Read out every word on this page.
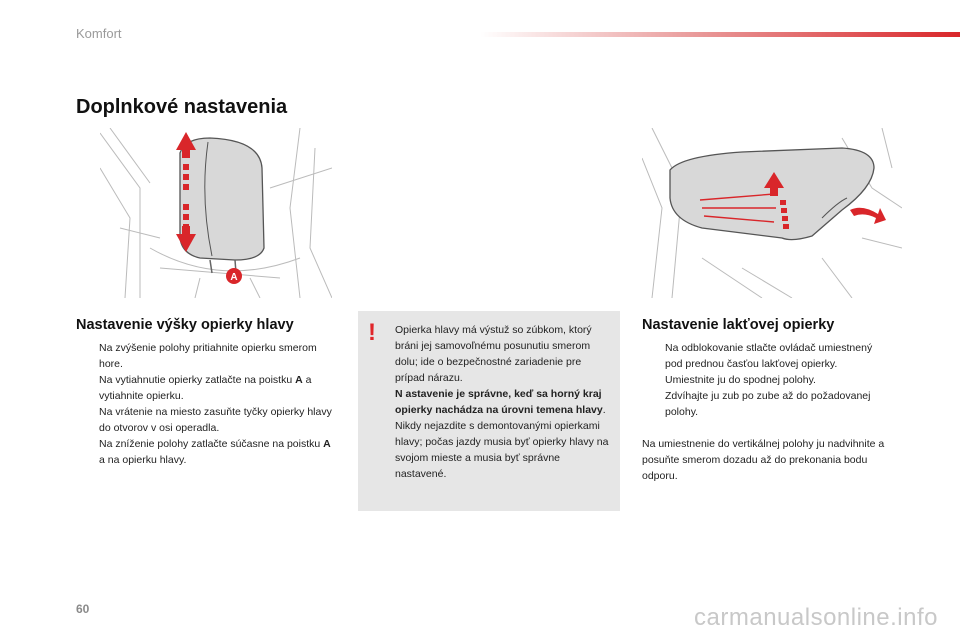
Komfort
Doplnkové nastavenia
A
Nastavenie výšky opierky hlavy
Na zvýšenie polohy pritiahnite opierku smerom hore.
Na vytiahnutie opierky zatlačte na poistku A a vytiahnite opierku.
Na vrátenie na miesto zasuňte tyčky opierky hlavy do otvorov v osi operadla.
Na zníženie polohy zatlačte súčasne na poistku A a na opierku hlavy.
! Opierka hlavy má výstuž so zúbkom, ktorý bráni jej samovoľnému posunutiu smerom dolu; ide o bezpečnostné zariadenie pre prípad nárazu.
N astavenie je správne, keď sa horný kraj opierky nachádza na úrovni temena hlavy.
Nikdy nejazdite s demontovanými opierkami hlavy; počas jazdy musia byť opierky hlavy na svojom mieste a musia byť správne nastavené.
Nastavenie lakťovej opierky
Na odblokovanie stlačte ovládač umiestnený pod prednou časťou lakťovej opierky.
Umiestnite ju do spodnej polohy.
Zdvíhajte ju zub po zube až do požadovanej polohy.
Na umiestnenie do vertikálnej polohy ju nadvihnite a posuňte smerom dozadu až do prekonania bodu odporu.
60	carmanualsonline.info
